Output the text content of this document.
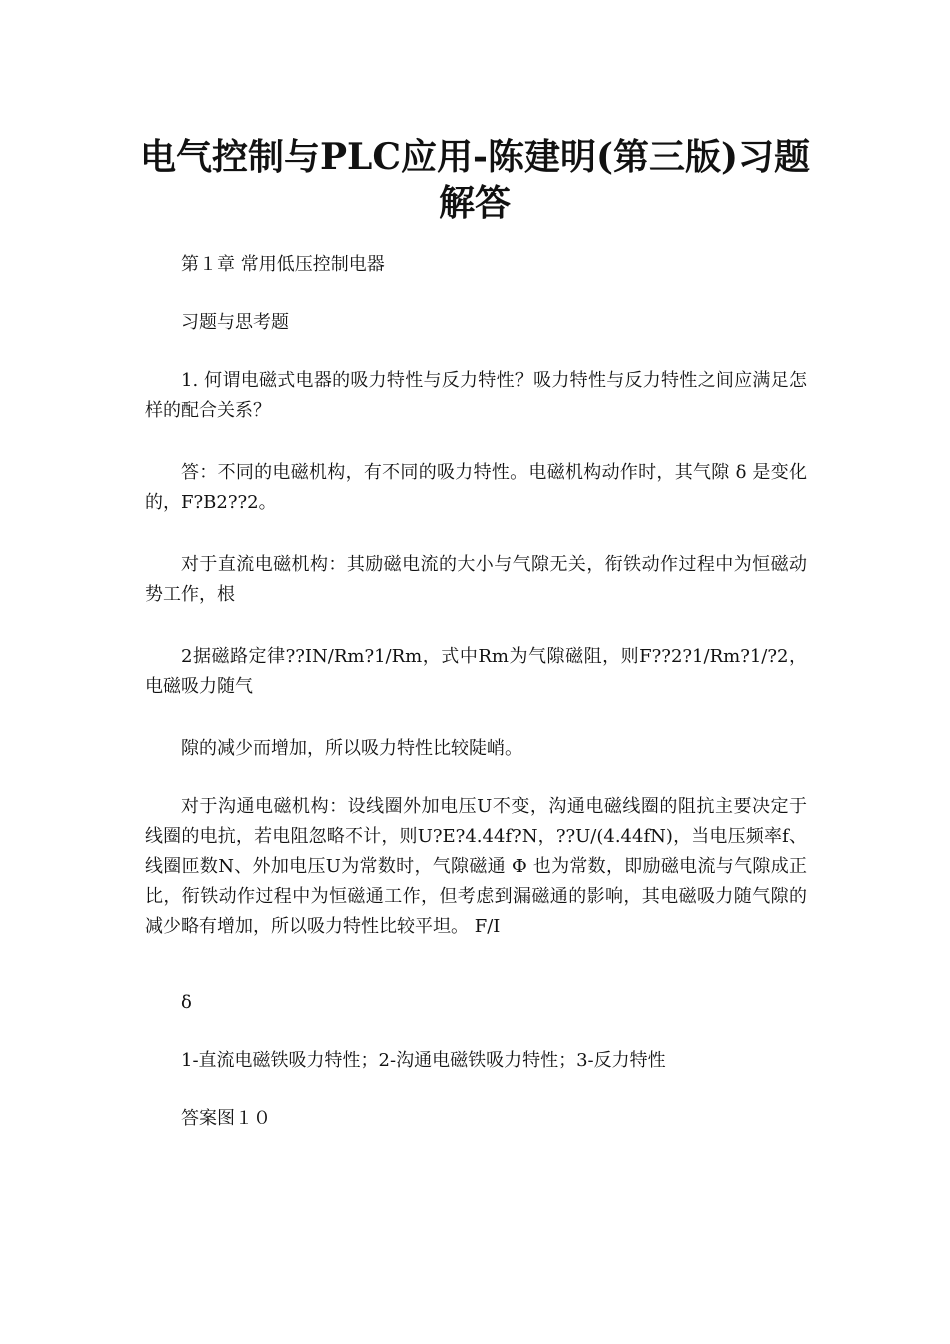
电气控制与PLC应用-陈建明(第三版)习题
解答

第１章 常用低压控制电器

习题与思考题

1. 何谓电磁式电器的吸力特性与反力特性？吸力特性与反力特性之间应满足怎样的配合关系？

答：不同的电磁机构，有不同的吸力特性。电磁机构动作时，其气隙 δ 是变化的，F?B2??2。

对于直流电磁机构：其励磁电流的大小与气隙无关，衔铁动作过程中为恒磁动势工作，根

2据磁路定律??IN/Rm?1/Rm，式中Rm为气隙磁阻，则F??2?1/Rm?1/?2，电磁吸力随气

隙的减少而增加，所以吸力特性比较陡峭。

对于沟通电磁机构：设线圈外加电压U不变，沟通电磁线圈的阻抗主要决定于线圈的电抗，若电阻忽略不计，则U?E?4.44f?N，??U/(4.44fN)，当电压频率f、线圈匝数N、外加电压U为常数时，气隙磁通 Φ 也为常数，即励磁电流与气隙成正比，衔铁动作过程中为恒磁通工作，但考虑到漏磁通的影响，其电磁吸力随气隙的减少略有增加，所以吸力特性比较平坦。 F/I

δ

1-直流电磁铁吸力特性；2-沟通电磁铁吸力特性；3-反力特性

答案图１０
